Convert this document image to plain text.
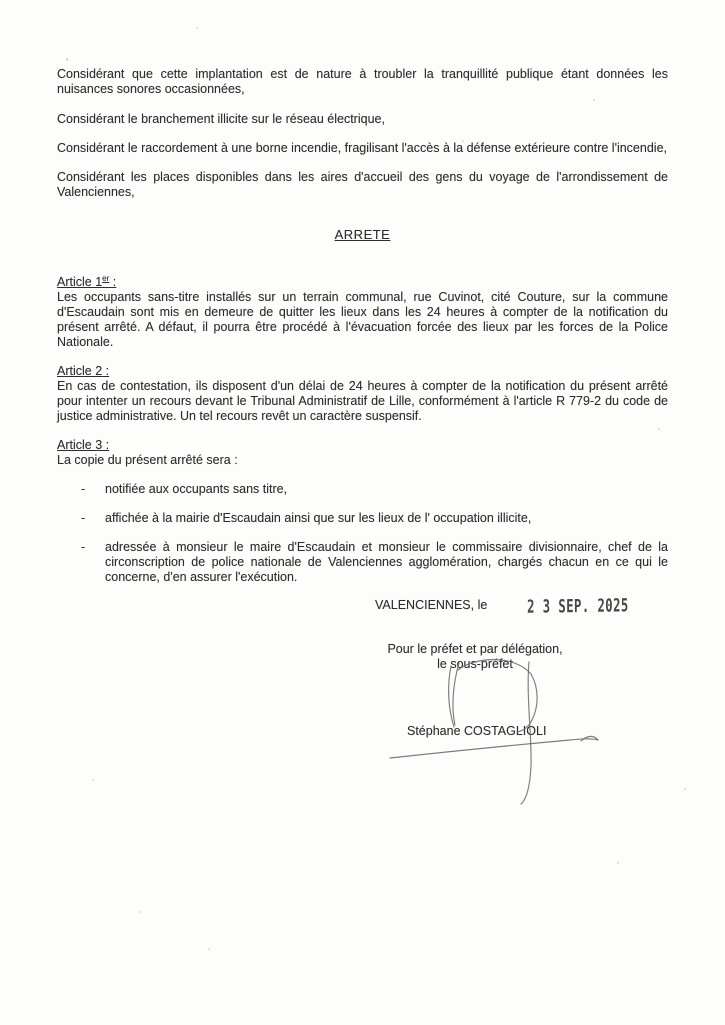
Considérant que cette implantation est de nature à troubler la tranquillité publique étant données les nuisances sonores occasionnées,

Considérant le branchement illicite sur le réseau électrique,

Considérant le raccordement à une borne incendie, fragilisant l'accès à la défense extérieure contre l'incendie,

Considérant les places disponibles dans les aires d'accueil des gens du voyage de l'arrondissement de Valenciennes,

ARRETE
Article 1er :
Les occupants sans-titre installés sur un terrain communal, rue Cuvinot, cité Couture, sur la commune d'Escaudain sont mis en demeure de quitter les lieux dans les 24 heures à compter de la notification du présent arrêté. A défaut, il pourra être procédé à l'évacuation forcée des lieux par les forces de la Police Nationale.
Article 2 :
En cas de contestation, ils disposent d'un délai de 24 heures à compter de la notification du présent arrêté pour intenter un recours devant le Tribunal Administratif de Lille, conformément à l'article R 779-2 du code de justice administrative. Un tel recours revêt un caractère suspensif.
Article 3 :
La copie du présent arrêté sera :
-	notifiée aux occupants sans titre,
-	affichée à la mairie d'Escaudain ainsi que sur les lieux de l' occupation illicite,
-	adressée à monsieur le maire d'Escaudain et monsieur le commissaire divisionnaire, chef de la circonscription de police nationale de Valenciennes agglomération, chargés chacun en ce qui le concerne, d'en assurer l'exécution.
VALENCIENNES, le	2 3 SEP. 2025
Pour le préfet et par délégation,
le sous-préfet
Stéphane COSTAGLIOLI
